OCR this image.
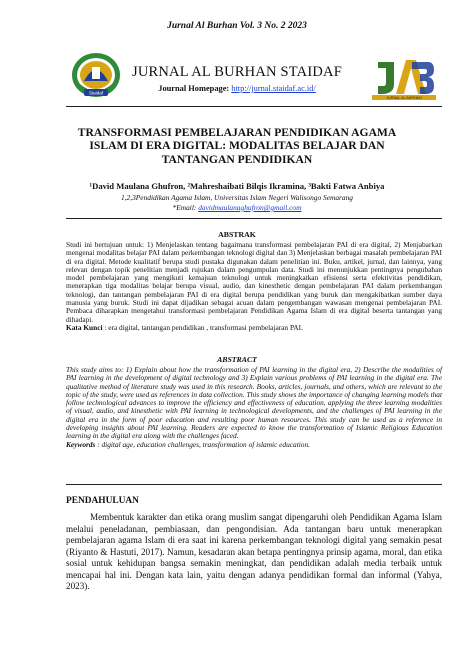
Jurnal Al Burhan Vol. 3 No. 2 2023
Staidaf
JURNAL AL BURHAN STAIDAF
Journal Homepage: http://jurnal.staidaf.ac.id/
JURNAL AL BURHAN
TRANSFORMASI PEMBELAJARAN PENDIDIKAN AGAMA ISLAM DI ERA DIGITAL: MODALITAS BELAJAR DAN TANTANGAN PENDIDIKAN
¹David Maulana Ghufron, ²Mahreshaibati Bilqis Ikramina, ³Bakti Fatwa Anbiya
1,2,3Pendidikan Agama Islam, Universitas Islam Negeri Walisongo Semarang
*Email: davidmaulanaghufron@gmail.com
ABSTRAK
Studi ini bertujuan untuk: 1) Menjelaskan tentang bagaimana transformasi pembelajaran PAI di era digital, 2) Menjabarkan mengenai modalitas belajar PAI dalam perkembangan teknologi digital dan 3) Menjelaskan berbagai masalah pembelajaran PAI di era digital. Metode kualitatif berupa studi pustaka digunakan dalam penelitian ini. Buku, artikel, jurnal, dan lainnya, yang relevan dengan topik penelitian menjadi rujukan dalam pengumpulan data. Studi ini menunjukkan pentingnya pengubahan model pembelajaran yang mengikuti kemajuan teknologi untuk meningkatkan efisiensi serta efektivitas pendidikan, menerapkan tiga modalitas belajar berupa visual, audio, dan kinesthetic dengan pembelajaran PAI dalam perkembangan teknologi, dan tantangan pembelajaran PAI di era digital berupa pendidikan yang buruk dan mengakibatkan sumber daya manusia yang buruk. Studi ini dapat dijadikan sebagai acuan dalam pengembangan wawasan mengenai pembelajaran PAI. Pembaca diharapkan mengetahui transformasi pembelajaran Pendidikan Agama Islam di era digital beserta tantangan yang dihadapi.
Kata Kunci : era digital, tantangan pendidikan , transformasi pembelajaran PAI.
ABSTRACT
This study aims to: 1) Explain about how the transformation of PAI learning in the digital era, 2) Describe the modalities of PAI learning in the development of digital technology and 3) Explain various problems of PAI learning in the digital era. The qualitative method of literature study was used in this research. Books, articles, journals, and others, which are relevant to the topic of the study, were used as references in data collection. This study shows the importance of changing learning models that follow technological advances to improve the efficiency and effectiveness of education, applying the three learning modalities of visual, audio, and kinesthetic with PAI learning in technological developments, and the challenges of PAI learning in the digital era in the form of poor education and resulting poor human resources. This study can be used as a reference in developing insights about PAI learning. Readers are expected to know the transformation of Islamic Religious Education learning in the digital era along with the challenges faced.
Keywords : digital age, education challenges, transformation of islamic education.
PENDAHULUAN
Membentuk karakter dan etika orang muslim sangat dipengaruhi oleh Pendidikan Agama Islam melalui peneladanan, pembiasaan, dan pengondisian. Ada tantangan baru untuk menerapkan pembelajaran agama Islam di era saat ini karena perkembangan teknologi digital yang semakin pesat (Riyanto & Hastuti, 2017). Namun, kesadaran akan betapa pentingnya prinsip agama, moral, dan etika sosial untuk kehidupan bangsa semakin meningkat, dan pendidikan adalah media terbaik untuk mencapai hal ini. Dengan kata lain, yaitu dengan adanya pendidikan formal dan informal (Yahya, 2023).
